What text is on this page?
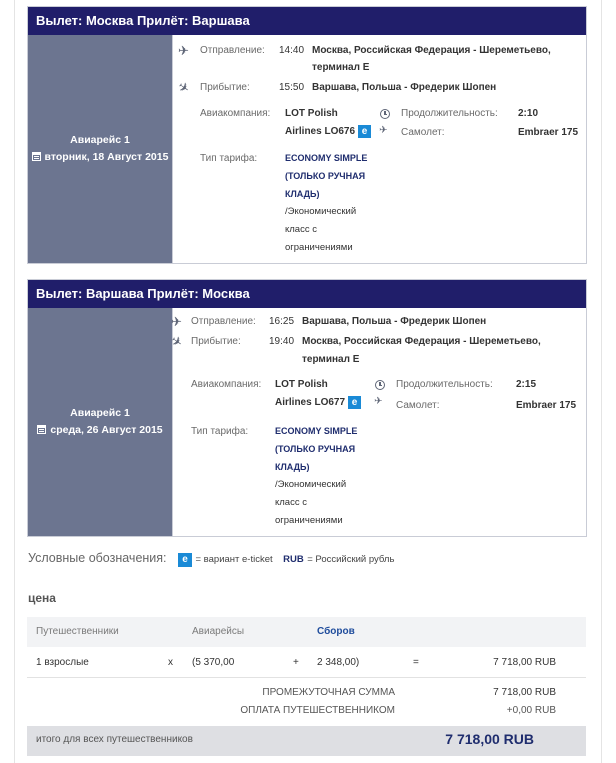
Вылет: Москва Прилёт: Варшава
Авиарейс 1
вторник, 18 Август 2015
✈ Отправление: 14:40 Москва, Российская Федерация - Шереметьево,
терминал E
✈ Прибытие:	15:50 Варшава, Польша - Фредерик Шопен
Авиакомпания: LOT Polish
Airlines LO676 e
Продолжительность: 2:10
✈ Самолет:	Embraer 175
Тип тарифа:	ECONOMY SIMPLE
(ТОЛЬКО РУЧНАЯ
КЛАДЬ)
/Экономический
класс с
ограничениями
Вылет: Варшава Прилёт: Москва
Авиарейс 1
среда, 26 Август 2015
✈ Отправление: 16:25 Варшава, Польша - Фредерик Шопен
✈ Прибытие:	19:40 Москва, Российская Федерация - Шереметьево,
терминал E
Авиакомпания: LOT Polish
Airlines LO677 e
Продолжительность: 2:15
✈ Самолет:	Embraer 175
Тип тарифа:	ECONOMY SIMPLE
(ТОЛЬКО РУЧНАЯ
КЛАДЬ)
/Экономический
класс с
ограничениями
Условные обозначения: e = вариант e-ticket RUB = Российский рубль
цена
Путешественники	Авиарейсы	Сборов
1 взрослые	x (5 370,00	+ 2 348,00)	=	7 718,00 RUB
ПРОМЕЖУТОЧНАЯ СУММА	7 718,00 RUB
ОПЛАТА ПУТЕШЕСТВЕННИКОМ	+0,00 RUB
итого для всех путешественников	7 718,00 RUB
